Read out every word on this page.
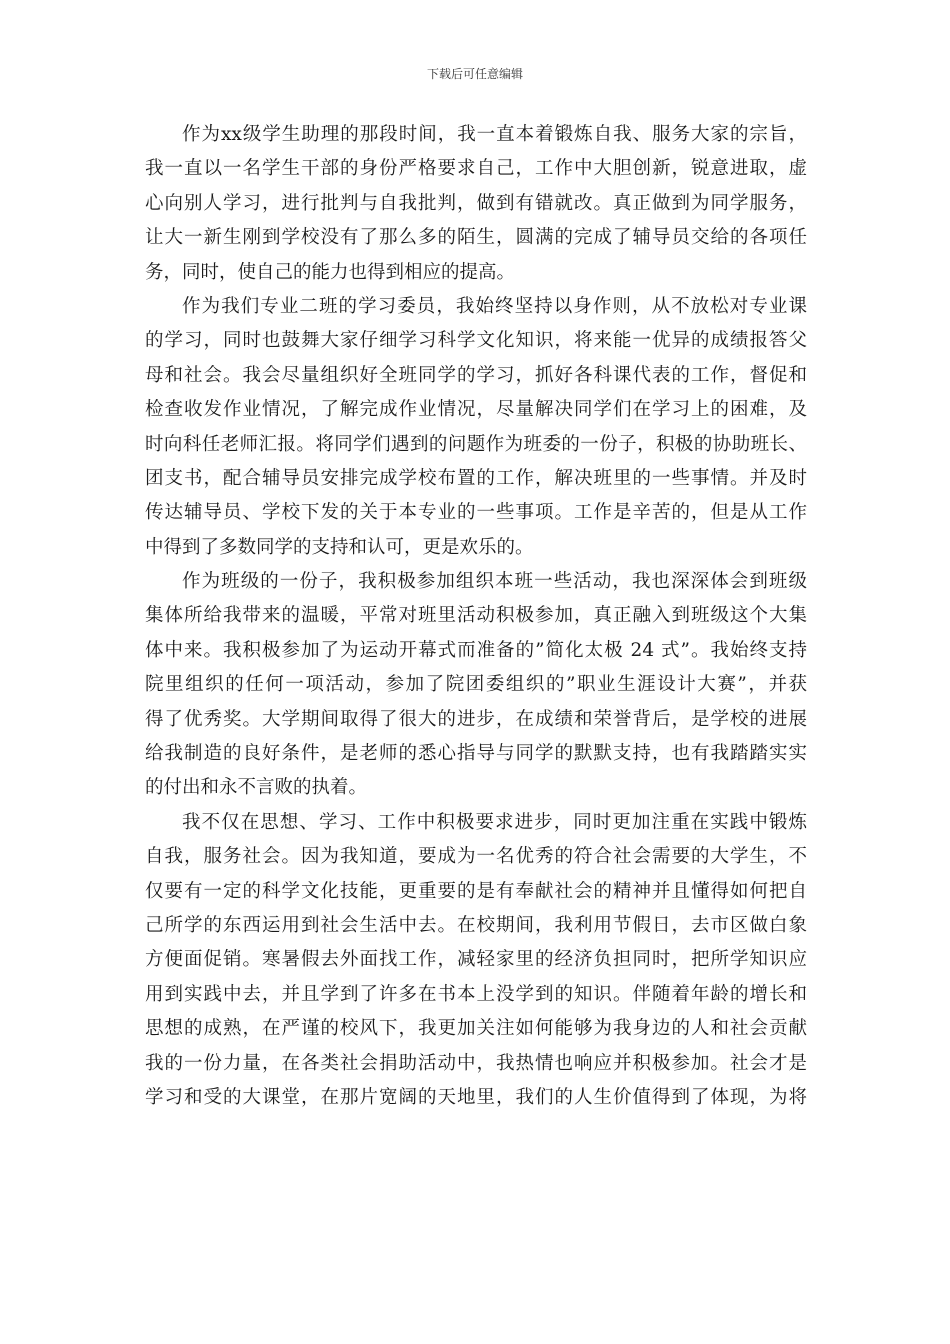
下载后可任意编辑
作为xx级学生助理的那段时间，我一直本着锻炼自我、服务大家的宗旨，
我一直以一名学生干部的身份严格要求自己，工作中大胆创新，锐意进取，虚
心向别人学习，进行批判与自我批判，做到有错就改。真正做到为同学服务，
让大一新生刚到学校没有了那么多的陌生，圆满的完成了辅导员交给的各项任
务，同时，使自己的能力也得到相应的提高。
作为我们专业二班的学习委员，我始终坚持以身作则，从不放松对专业课
的学习，同时也鼓舞大家仔细学习科学文化知识，将来能一优异的成绩报答父
母和社会。我会尽量组织好全班同学的学习，抓好各科课代表的工作，督促和
检查收发作业情况，了解完成作业情况，尽量解决同学们在学习上的困难，及
时向科任老师汇报。将同学们遇到的问题作为班委的一份子，积极的协助班长、
团支书，配合辅导员安排完成学校布置的工作，解决班里的一些事情。并及时
传达辅导员、学校下发的关于本专业的一些事项。工作是辛苦的，但是从工作
中得到了多数同学的支持和认可，更是欢乐的。
作为班级的一份子，我积极参加组织本班一些活动，我也深深体会到班级
集体所给我带来的温暖，平常对班里活动积极参加，真正融入到班级这个大集
体中来。我积极参加了为运动开幕式而准备的”简化太极 24 式”。我始终支持
院里组织的任何一项活动，参加了院团委组织的”职业生涯设计大赛”，并获
得了优秀奖。大学期间取得了很大的进步，在成绩和荣誉背后，是学校的进展
给我制造的良好条件，是老师的悉心指导与同学的默默支持，也有我踏踏实实
的付出和永不言败的执着。
我不仅在思想、学习、工作中积极要求进步，同时更加注重在实践中锻炼
自我，服务社会。因为我知道，要成为一名优秀的符合社会需要的大学生，不
仅要有一定的科学文化技能，更重要的是有奉献社会的精神并且懂得如何把自
己所学的东西运用到社会生活中去。在校期间，我利用节假日，去市区做白象
方便面促销。寒暑假去外面找工作，减轻家里的经济负担同时，把所学知识应
用到实践中去，并且学到了许多在书本上没学到的知识。伴随着年龄的增长和
思想的成熟，在严谨的校风下，我更加关注如何能够为我身边的人和社会贡献
我的一份力量，在各类社会捐助活动中，我热情也响应并积极参加。社会才是
学习和受的大课堂，在那片宽阔的天地里，我们的人生价值得到了体现，为将
